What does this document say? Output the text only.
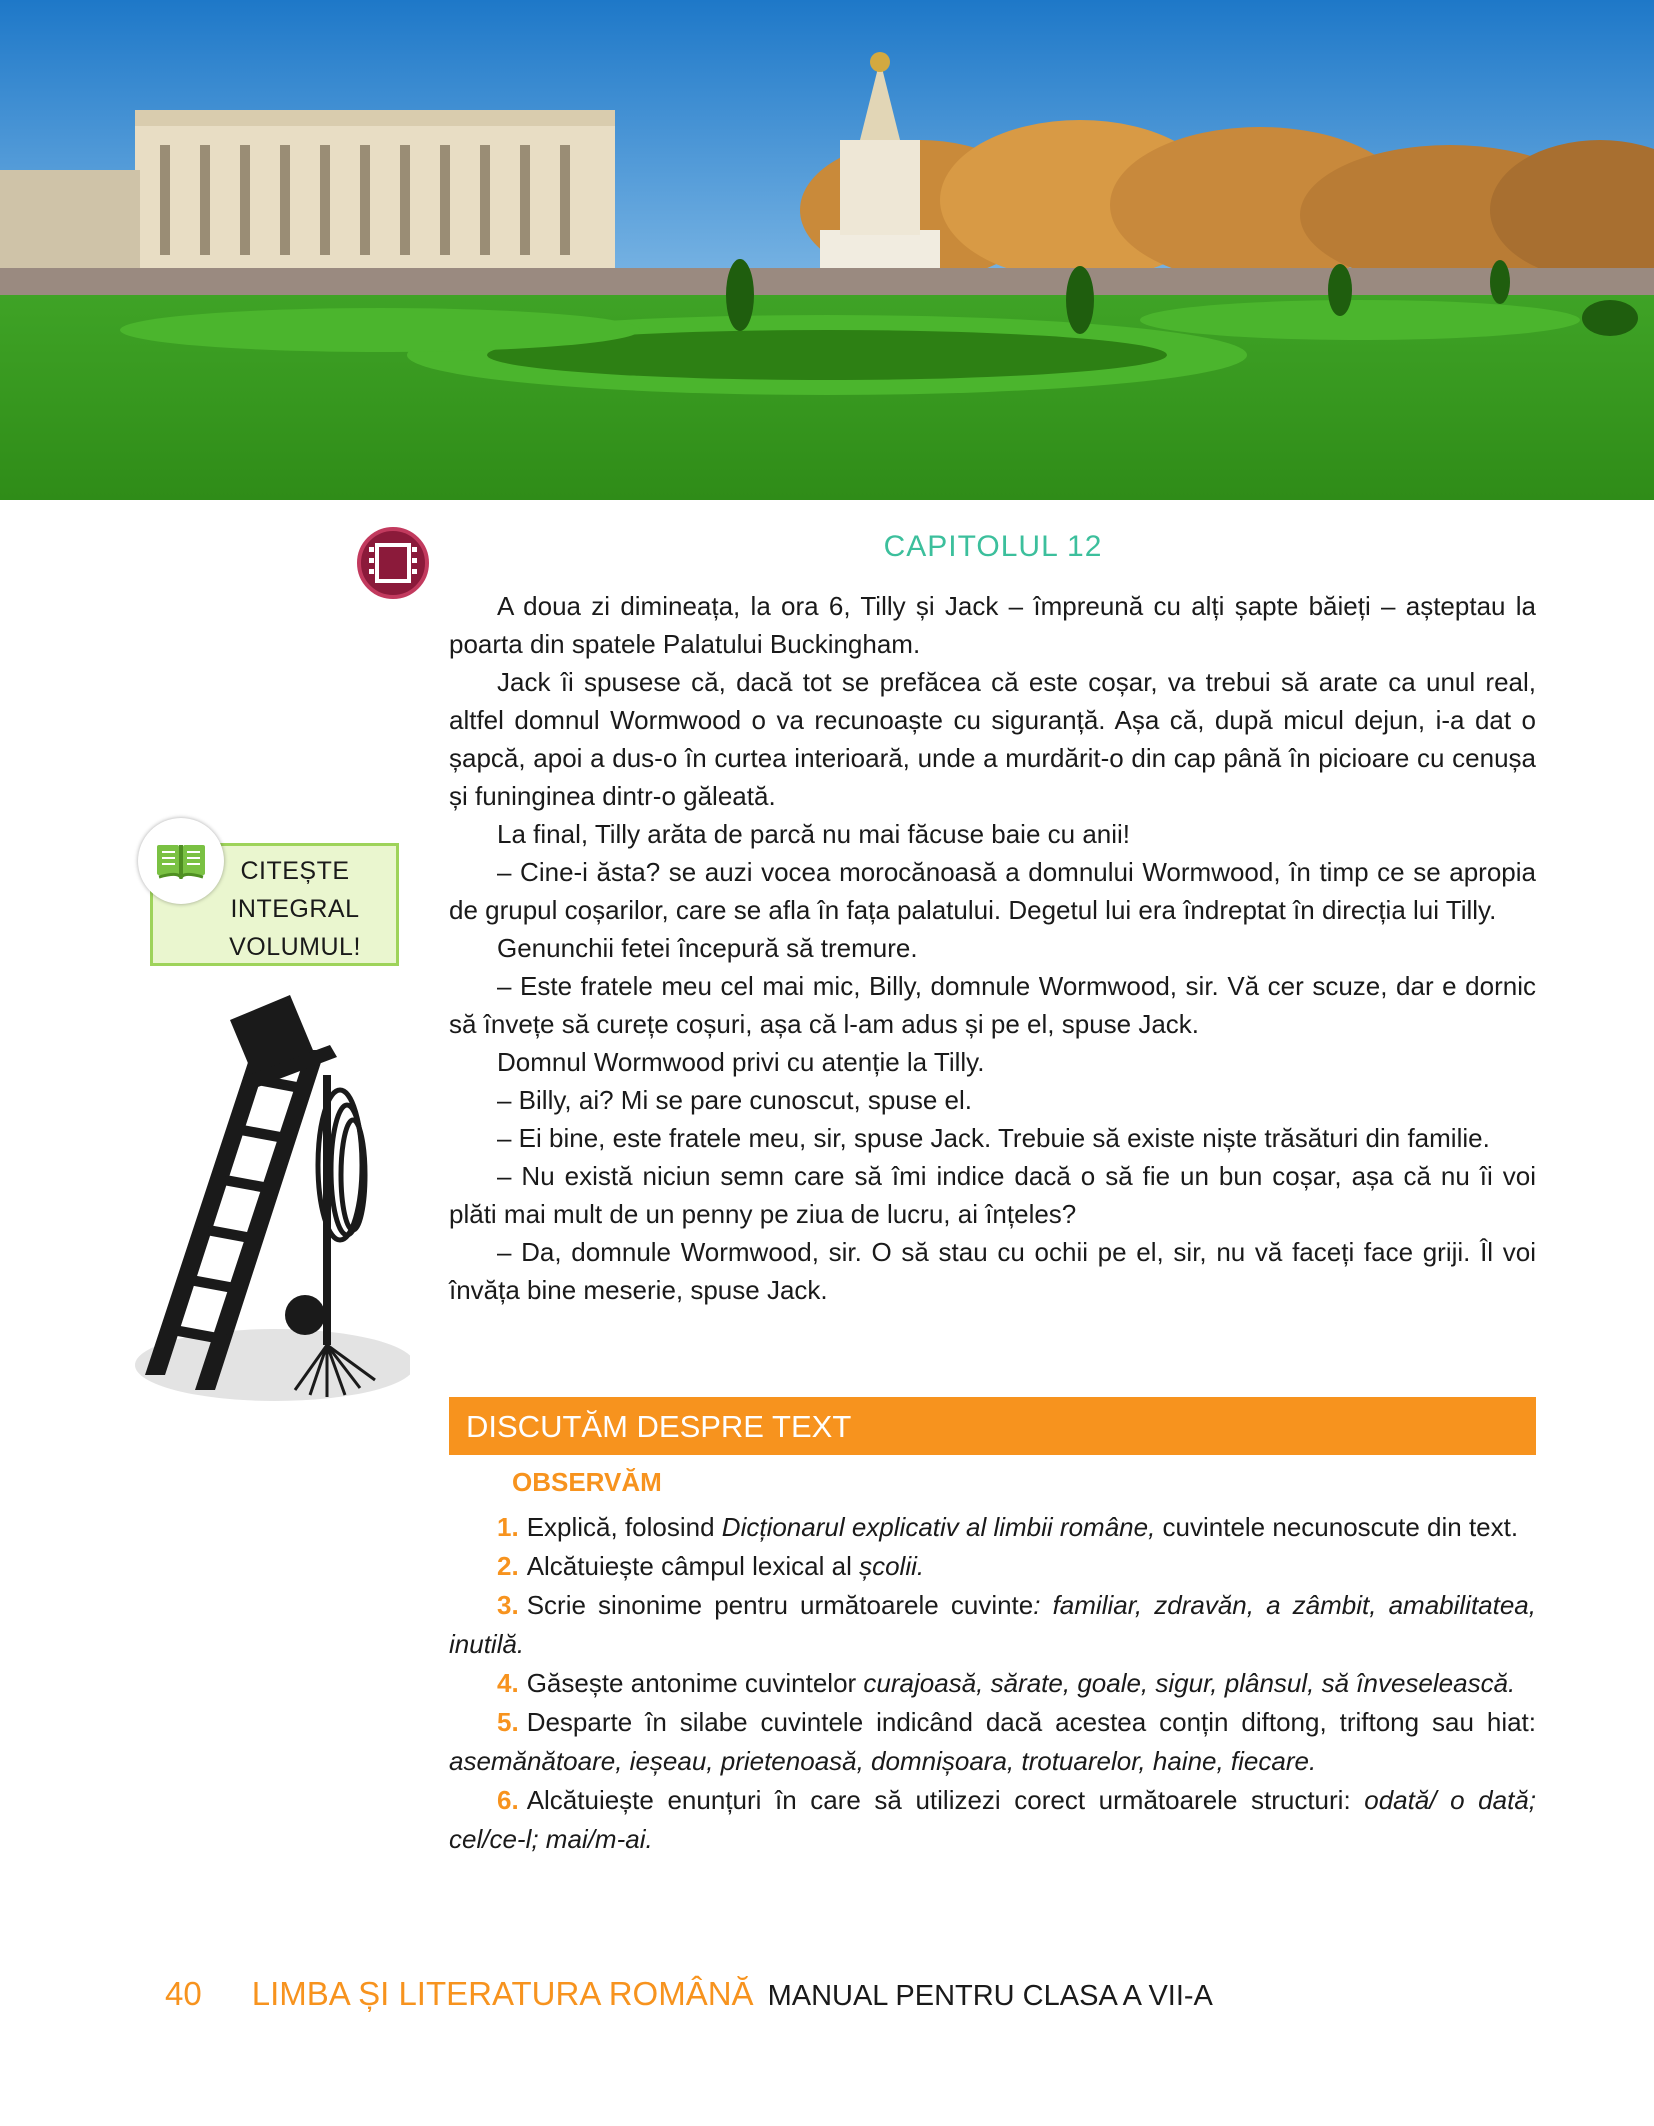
CAPITOLUL 12

A doua zi dimineața, la ora 6, Tilly și Jack – împreună cu alți șapte băieți – așteptau la poarta din spatele Palatului Buckingham.

Jack îi spusese că, dacă tot se prefăcea că este coșar, va trebui să arate ca unul real, altfel domnul Wormwood o va recunoaște cu siguranță. Așa că, după micul dejun, i-a dat o șapcă, apoi a dus-o în curtea interioară, unde a murdărit-o din cap până în picioare cu cenușa și funinginea dintr-o găleată.

La final, Tilly arăta de parcă nu mai făcuse baie cu anii!

– Cine-i ăsta? se auzi vocea morocănoasă a domnului Wormwood, în timp ce se apropia de grupul coșarilor, care se afla în fața palatului. Degetul lui era îndreptat în direcția lui Tilly.

Genunchii fetei începură să tremure.

– Este fratele meu cel mai mic, Billy, domnule Wormwood, sir. Vă cer scuze, dar e dornic să învețe să curețe coșuri, așa că l-am adus și pe el, spuse Jack.

Domnul Wormwood privi cu atenție la Tilly.

– Billy, ai? Mi se pare cunoscut, spuse el.

– Ei bine, este fratele meu, sir, spuse Jack. Trebuie să existe niște trăsături din familie.

– Nu există niciun semn care să îmi indice dacă o să fie un bun coșar, așa că nu îi voi plăti mai mult de un penny pe ziua de lucru, ai înțeles?

– Da, domnule Wormwood, sir. O să stau cu ochii pe el, sir, nu vă faceți face griji. Îl voi învăța bine meserie, spuse Jack.

CITEȘTE
INTEGRAL
VOLUMUL!
DISCUTĂM DESPRE TEXT
OBSERVĂM

1. Explică, folosind Dicționarul explicativ al limbii române, cuvintele necunoscute din text.

2. Alcătuiește câmpul lexical al școlii.

3. Scrie sinonime pentru următoarele cuvinte: familiar, zdravăn, a zâmbit, amabilitatea, inutilă.

4. Găsește antonime cuvintelor curajoasă, sărate, goale, sigur, plânsul, să înveselească.

5. Desparte în silabe cuvintele indicând dacă acestea conțin diftong, triftong sau hiat: asemănătoare, ieșeau, prietenoasă, domnișoara, trotuarelor, haine, fiecare.

6. Alcătuiește enunțuri în care să utilizezi corect următoarele structuri: odată/ o dată; cel/ce-l; mai/m-ai.

40 LIMBA ȘI LITERATURA ROMÂNĂ MANUAL PENTRU CLASA A VII-A
